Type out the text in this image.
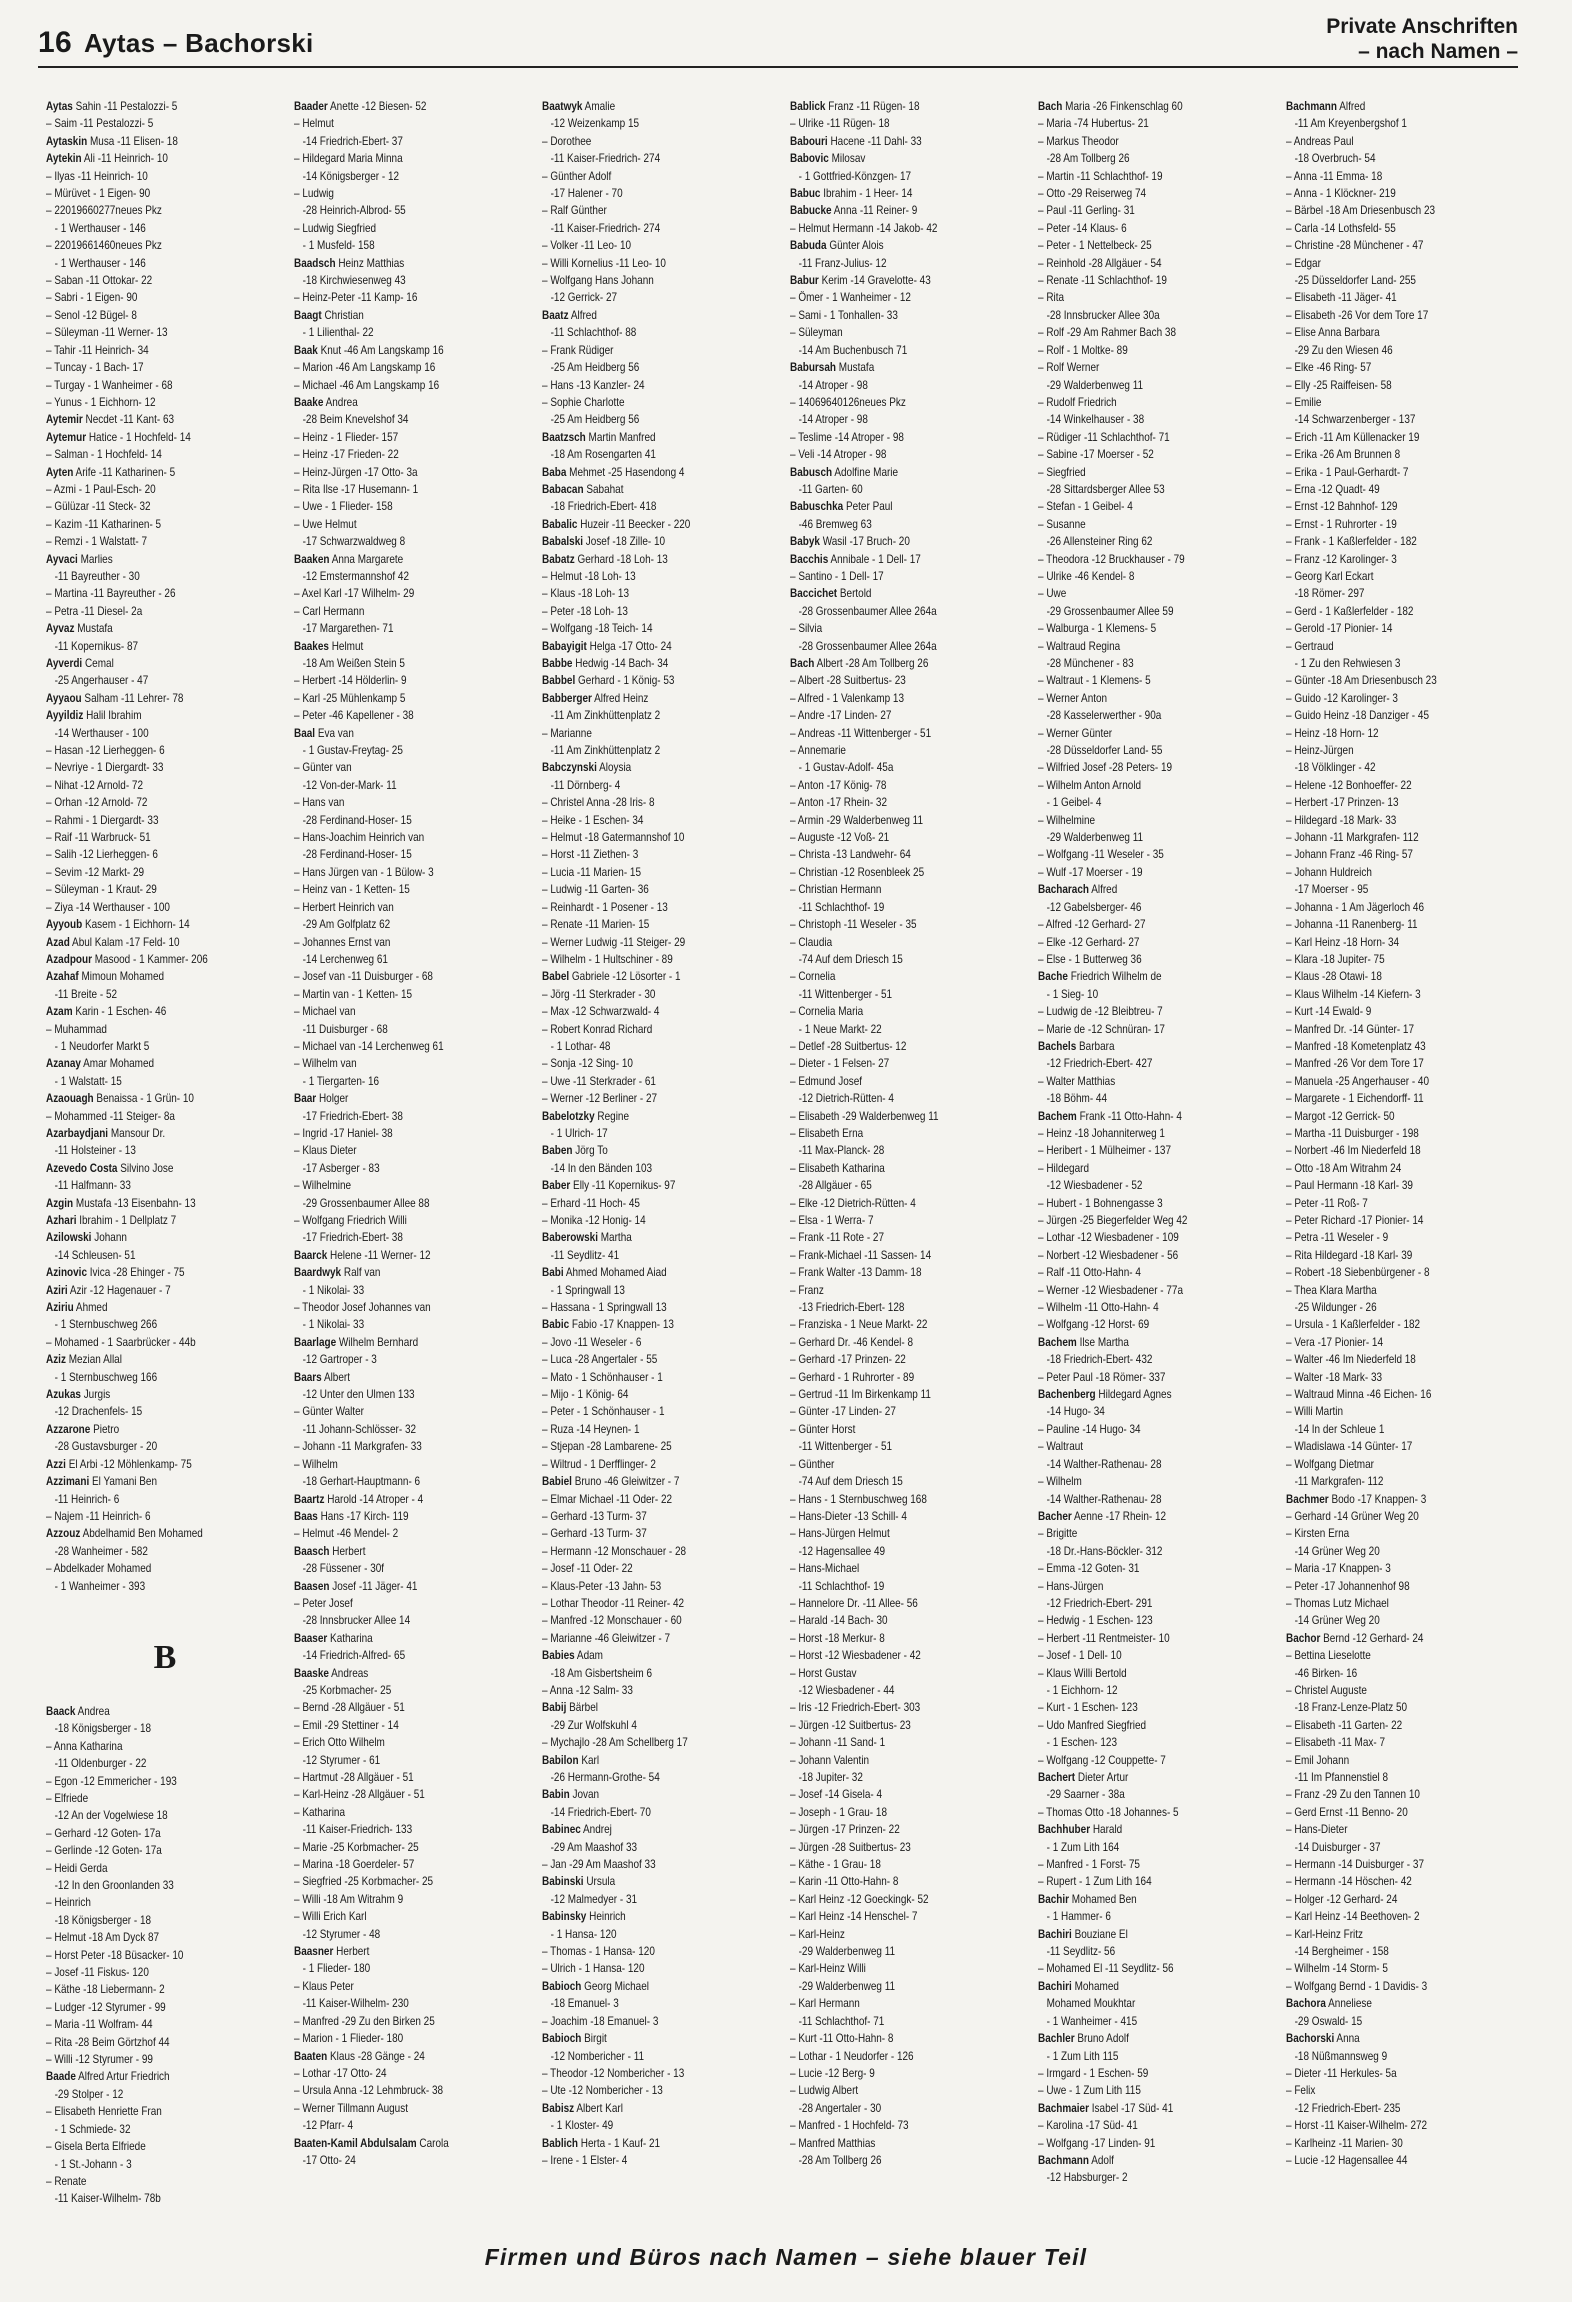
16 Aytas – Bachorski
Private Anschriften
– nach Namen –

Aytas Sahin -11 Pestalozzi- 5

– Saim -11 Pestalozzi- 5

Aytaskin Musa -11 Elisen- 18

Aytekin Ali -11 Heinrich- 10

– Ilyas -11 Heinrich- 10

– Mürüvet - 1 Eigen- 90

– 22019660277neues Pkz

- 1 Werthauser - 146

– 22019661460neues Pkz

- 1 Werthauser - 146

– Saban -11 Ottokar- 22

– Sabri - 1 Eigen- 90

– Senol -12 Bügel- 8

– Süleyman -11 Werner- 13

– Tahir -11 Heinrich- 34

– Tuncay - 1 Bach- 17

– Turgay - 1 Wanheimer - 68

– Yunus - 1 Eichhorn- 12

Aytemir Necdet -11 Kant- 63

Aytemur Hatice - 1 Hochfeld- 14

– Salman - 1 Hochfeld- 14

Ayten Arife -11 Katharinen- 5

– Azmi - 1 Paul-Esch- 20

– Gülüzar -11 Steck- 32

– Kazim -11 Katharinen- 5

– Remzi - 1 Walstatt- 7

Ayvaci Marlies

-11 Bayreuther - 30

– Martina -11 Bayreuther - 26

– Petra -11 Diesel- 2a

Ayvaz Mustafa

-11 Kopernikus- 87

Ayverdi Cemal

-25 Angerhauser - 47

Ayyaou Salham -11 Lehrer- 78

Ayyildiz Halil Ibrahim

-14 Werthauser - 100

– Hasan -12 Lierheggen- 6

– Nevriye - 1 Diergardt- 33

– Nihat -12 Arnold- 72

– Orhan -12 Arnold- 72

– Rahmi - 1 Diergardt- 33

– Raif -11 Warbruck- 51

– Salih -12 Lierheggen- 6

– Sevim -12 Markt- 29

– Süleyman - 1 Kraut- 29

– Ziya -14 Werthauser - 100

Ayyoub Kasem - 1 Eichhorn- 14

Azad Abul Kalam -17 Feld- 10

Azadpour Masood - 1 Kammer- 206

Azahaf Mimoun Mohamed

-11 Breite - 52

Azam Karin - 1 Eschen- 46

– Muhammad

- 1 Neudorfer Markt 5

Azanay Amar Mohamed

- 1 Walstatt- 15

Azaouagh Benaissa - 1 Grün- 10

– Mohammed -11 Steiger- 8a

Azarbaydjani Mansour Dr.

-11 Holsteiner - 13

Azevedo Costa Silvino Jose

-11 Halfmann- 33

Azgin Mustafa -13 Eisenbahn- 13

Azhari Ibrahim - 1 Dellplatz 7

Azilowski Johann

-14 Schleusen- 51

Azinovic Ivica -28 Ehinger - 75

Aziri Azir -12 Hagenauer - 7

Aziriu Ahmed

- 1 Sternbuschweg 266

– Mohamed - 1 Saarbrücker - 44b

Aziz Mezian Allal

- 1 Sternbuschweg 166

Azukas Jurgis

-12 Drachenfels- 15

Azzarone Pietro

-28 Gustavsburger - 20

Azzi El Arbi -12 Möhlenkamp- 75

Azzimani El Yamani Ben

-11 Heinrich- 6

– Najem -11 Heinrich- 6

Azzouz Abdelhamid Ben Mohamed

-28 Wanheimer - 582

– Abdelkader Mohamed

- 1 Wanheimer - 393

B

Baack Andrea

-18 Königsberger - 18

– Anna Katharina

-11 Oldenburger - 22

– Egon -12 Emmericher - 193

– Elfriede

-12 An der Vogelwiese 18

– Gerhard -12 Goten- 17a

– Gerlinde -12 Goten- 17a

– Heidi Gerda

-12 In den Groonlanden 33

– Heinrich

-18 Königsberger - 18

– Helmut -18 Am Dyck 87

– Horst Peter -18 Büsacker- 10

– Josef -11 Fiskus- 120

– Käthe -18 Liebermann- 2

– Ludger -12 Styrumer - 99

– Maria -11 Wolfram- 44

– Rita -28 Beim Görtzhof 44

– Willi -12 Styrumer - 99

Baade Alfred Artur Friedrich

-29 Stolper - 12

– Elisabeth Henriette Fran

- 1 Schmiede- 32

– Gisela Berta Elfriede

- 1 St.-Johann - 3

– Renate

-11 Kaiser-Wilhelm- 78b

Baader Anette -12 Biesen- 52

– Helmut

-14 Friedrich-Ebert- 37

– Hildegard Maria Minna

-14 Königsberger - 12

– Ludwig

-28 Heinrich-Albrod- 55

– Ludwig Siegfried

- 1 Musfeld- 158

Baadsch Heinz Matthias

-18 Kirchwiesenweg 43

– Heinz-Peter -11 Kamp- 16

Baagt Christian

- 1 Lilienthal- 22

Baak Knut -46 Am Langskamp 16

– Marion -46 Am Langskamp 16

– Michael -46 Am Langskamp 16

Baake Andrea

-28 Beim Knevelshof 34

– Heinz - 1 Flieder- 157

– Heinz -17 Frieden- 22

– Heinz-Jürgen -17 Otto- 3a

– Rita Ilse -17 Husemann- 1

– Uwe - 1 Flieder- 158

– Uwe Helmut

-17 Schwarzwaldweg 8

Baaken Anna Margarete

-12 Emstermannshof 42

– Axel Karl -17 Wilhelm- 29

– Carl Hermann

-17 Margarethen- 71

Baakes Helmut

-18 Am Weißen Stein 5

– Herbert -14 Hölderlin- 9

– Karl -25 Mühlenkamp 5

– Peter -46 Kapellener - 38

Baal Eva van

- 1 Gustav-Freytag- 25

– Günter van

-12 Von-der-Mark- 11

– Hans van

-28 Ferdinand-Hoser- 15

– Hans-Joachim Heinrich van

-28 Ferdinand-Hoser- 15

– Hans Jürgen van - 1 Bülow- 3

– Heinz van - 1 Ketten- 15

– Herbert Heinrich van

-29 Am Golfplatz 62

– Johannes Ernst van

-14 Lerchenweg 61

– Josef van -11 Duisburger - 68

– Martin van - 1 Ketten- 15

– Michael van

-11 Duisburger - 68

– Michael van -14 Lerchenweg 61

– Wilhelm van

- 1 Tiergarten- 16

Baar Holger

-17 Friedrich-Ebert- 38

– Ingrid -17 Haniel- 38

– Klaus Dieter

-17 Asberger - 83

– Wilhelmine

-29 Grossenbaumer Allee 88

– Wolfgang Friedrich Willi

-17 Friedrich-Ebert- 38

Baarck Helene -11 Werner- 12

Baardwyk Ralf van

- 1 Nikolai- 33

– Theodor Josef Johannes van

- 1 Nikolai- 33

Baarlage Wilhelm Bernhard

-12 Gartroper - 3

Baars Albert

-12 Unter den Ulmen 133

– Günter Walter

-11 Johann-Schlösser- 32

– Johann -11 Markgrafen- 33

– Wilhelm

-18 Gerhart-Hauptmann- 6

Baartz Harold -14 Atroper - 4

Baas Hans -17 Kirch- 119

– Helmut -46 Mendel- 2

Baasch Herbert

-28 Füssener - 30f

Baasen Josef -11 Jäger- 41

– Peter Josef

-28 Innsbrucker Allee 14

Baaser Katharina

-14 Friedrich-Alfred- 65

Baaske Andreas

-25 Korbmacher- 25

– Bernd -28 Allgäuer - 51

– Emil -29 Stettiner - 14

– Erich Otto Wilhelm

-12 Styrumer - 61

– Hartmut -28 Allgäuer - 51

– Karl-Heinz -28 Allgäuer - 51

– Katharina

-11 Kaiser-Friedrich- 133

– Marie -25 Korbmacher- 25

– Marina -18 Goerdeler- 57

– Siegfried -25 Korbmacher- 25

– Willi -18 Am Witrahm 9

– Willi Erich Karl

-12 Styrumer - 48

Baasner Herbert

- 1 Flieder- 180

– Klaus Peter

-11 Kaiser-Wilhelm- 230

– Manfred -29 Zu den Birken 25

– Marion - 1 Flieder- 180

Baaten Klaus -28 Gänge - 24

– Lothar -17 Otto- 24

– Ursula Anna -12 Lehmbruck- 38

– Werner Tillmann August

-12 Pfarr- 4

Baaten-Kamil Abdulsalam Carola

-17 Otto- 24

Baatwyk Amalie

-12 Weizenkamp 15

– Dorothee

-11 Kaiser-Friedrich- 274

– Günther Adolf

-17 Halener - 70

– Ralf Günther

-11 Kaiser-Friedrich- 274

– Volker -11 Leo- 10

– Willi Kornelius -11 Leo- 10

– Wolfgang Hans Johann

-12 Gerrick- 27

Baatz Alfred

-11 Schlachthof- 88

– Frank Rüdiger

-25 Am Heidberg 56

– Hans -13 Kanzler- 24

– Sophie Charlotte

-25 Am Heidberg 56

Baatzsch Martin Manfred

-18 Am Rosengarten 41

Baba Mehmet -25 Hasendong 4

Babacan Sabahat

-18 Friedrich-Ebert- 418

Babalic Huzeir -11 Beecker - 220

Babalski Josef -18 Zille- 10

Babatz Gerhard -18 Loh- 13

– Helmut -18 Loh- 13

– Klaus -18 Loh- 13

– Peter -18 Loh- 13

– Wolfgang -18 Teich- 14

Babayigit Helga -17 Otto- 24

Babbe Hedwig -14 Bach- 34

Babbel Gerhard - 1 König- 53

Babberger Alfred Heinz

-11 Am Zinkhüttenplatz 2

– Marianne

-11 Am Zinkhüttenplatz 2

Babczynski Aloysia

-11 Dörnberg- 4

– Christel Anna -28 Iris- 8

– Heike - 1 Eschen- 34

– Helmut -18 Gatermannshof 10

– Horst -11 Ziethen- 3

– Lucia -11 Marien- 15

– Ludwig -11 Garten- 36

– Reinhardt - 1 Posener - 13

– Renate -11 Marien- 15

– Werner Ludwig -11 Steiger- 29

– Wilhelm - 1 Hultschiner - 89

Babel Gabriele -12 Lösorter - 1

– Jörg -11 Sterkrader - 30

– Max -12 Schwarzwald- 4

– Robert Konrad Richard

- 1 Lothar- 48

– Sonja -12 Sing- 10

– Uwe -11 Sterkrader - 61

– Werner -12 Berliner - 27

Babelotzky Regine

- 1 Ulrich- 17

Baben Jörg To

-14 In den Bänden 103

Baber Elly -11 Kopernikus- 97

– Erhard -11 Hoch- 45

– Monika -12 Honig- 14

Baberowski Martha

-11 Seydlitz- 41

Babi Ahmed Mohamed Aiad

- 1 Springwall 13

– Hassana - 1 Springwall 13

Babic Fabio -17 Knappen- 13

– Jovo -11 Weseler - 6

– Luca -28 Angertaler - 55

– Mato - 1 Schönhauser - 1

– Mijo - 1 König- 64

– Peter - 1 Schönhauser - 1

– Ruza -14 Heynen- 1

– Stjepan -28 Lambarene- 25

– Wiltrud - 1 Derfflinger- 2

Babiel Bruno -46 Gleiwitzer - 7

– Elmar Michael -11 Oder- 22

– Gerhard -13 Turm- 37

– Gerhard -13 Turm- 37

– Hermann -12 Monschauer - 28

– Josef -11 Oder- 22

– Klaus-Peter -13 Jahn- 53

– Lothar Theodor -11 Reiner- 42

– Manfred -12 Monschauer - 60

– Marianne -46 Gleiwitzer - 7

Babies Adam

-18 Am Gisbertsheim 6

– Anna -12 Salm- 33

Babij Bärbel

-29 Zur Wolfskuhl 4

– Mychajlo -28 Am Schellberg 17

Babilon Karl

-26 Hermann-Grothe- 54

Babin Jovan

-14 Friedrich-Ebert- 70

Babinec Andrej

-29 Am Maashof 33

– Jan -29 Am Maashof 33

Babinski Ursula

-12 Malmedyer - 31

Babinsky Heinrich

- 1 Hansa- 120

– Thomas - 1 Hansa- 120

– Ulrich - 1 Hansa- 120

Babioch Georg Michael

-18 Emanuel- 3

– Joachim -18 Emanuel- 3

Babioch Birgit

-12 Nombericher - 11

– Theodor -12 Nombericher - 13

– Ute -12 Nombericher - 13

Babisz Albert Karl

- 1 Kloster- 49

Bablich Herta - 1 Kauf- 21

– Irene - 1 Elster- 4

Bablick Franz -11 Rügen- 18

– Ulrike -11 Rügen- 18

Babouri Hacene -11 Dahl- 33

Babovic Milosav

- 1 Gottfried-Könzgen- 17

Babuc Ibrahim - 1 Heer- 14

Babucke Anna -11 Reiner- 9

– Helmut Hermann -14 Jakob- 42

Babuda Günter Alois

-11 Franz-Julius- 12

Babur Kerim -14 Gravelotte- 43

– Ömer - 1 Wanheimer - 12

– Sami - 1 Tonhallen- 33

– Süleyman

-14 Am Buchenbusch 71

Babursah Mustafa

-14 Atroper - 98

– 14069640126neues Pkz

-14 Atroper - 98

– Teslime -14 Atroper - 98

– Veli -14 Atroper - 98

Babusch Adolfine Marie

-11 Garten- 60

Babuschka Peter Paul

-46 Bremweg 63

Babyk Wasil -17 Bruch- 20

Bacchis Annibale - 1 Dell- 17

– Santino - 1 Dell- 17

Baccichet Bertold

-28 Grossenbaumer Allee 264a

– Silvia

-28 Grossenbaumer Allee 264a

Bach Albert -28 Am Tollberg 26

– Albert -28 Suitbertus- 23

– Alfred - 1 Valenkamp 13

– Andre -17 Linden- 27

– Andreas -11 Wittenberger - 51

– Annemarie

- 1 Gustav-Adolf- 45a

– Anton -17 König- 78

– Anton -17 Rhein- 32

– Armin -29 Walderbenweg 11

– Auguste -12 Voß- 21

– Christa -13 Landwehr- 64

– Christian -12 Rosenbleek 25

– Christian Hermann

-11 Schlachthof- 19

– Christoph -11 Weseler - 35

– Claudia

-74 Auf dem Driesch 15

– Cornelia

-11 Wittenberger - 51

– Cornelia Maria

- 1 Neue Markt- 22

– Detlef -28 Suitbertus- 12

– Dieter - 1 Felsen- 27

– Edmund Josef

-12 Dietrich-Rütten- 4

– Elisabeth -29 Walderbenweg 11

– Elisabeth Erna

-11 Max-Planck- 28

– Elisabeth Katharina

-28 Allgäuer - 65

– Elke -12 Dietrich-Rütten- 4

– Elsa - 1 Werra- 7

– Frank -11 Rote - 27

– Frank-Michael -11 Sassen- 14

– Frank Walter -13 Damm- 18

– Franz

-13 Friedrich-Ebert- 128

– Franziska - 1 Neue Markt- 22

– Gerhard Dr. -46 Kendel- 8

– Gerhard -17 Prinzen- 22

– Gerhard - 1 Ruhrorter - 89

– Gertrud -11 Im Birkenkamp 11

– Günter -17 Linden- 27

– Günter Horst

-11 Wittenberger - 51

– Günther

-74 Auf dem Driesch 15

– Hans - 1 Sternbuschweg 168

– Hans-Dieter -13 Schill- 4

– Hans-Jürgen Helmut

-12 Hagensallee 49

– Hans-Michael

-11 Schlachthof- 19

– Hannelore Dr. -11 Allee- 56

– Harald -14 Bach- 30

– Horst -18 Merkur- 8

– Horst -12 Wiesbadener - 42

– Horst Gustav

-12 Wiesbadener - 44

– Iris -12 Friedrich-Ebert- 303

– Jürgen -12 Suitbertus- 23

– Johann -11 Sand- 1

– Johann Valentin

-18 Jupiter- 32

– Josef -14 Gisela- 4

– Joseph - 1 Grau- 18

– Jürgen -17 Prinzen- 22

– Jürgen -28 Suitbertus- 23

– Käthe - 1 Grau- 18

– Karin -11 Otto-Hahn- 8

– Karl Heinz -12 Goeckingk- 52

– Karl Heinz -14 Henschel- 7

– Karl-Heinz

-29 Walderbenweg 11

– Karl-Heinz Willi

-29 Walderbenweg 11

– Karl Hermann

-11 Schlachthof- 71

– Kurt -11 Otto-Hahn- 8

– Lothar - 1 Neudorfer - 126

– Lucie -12 Berg- 9

– Ludwig Albert

-28 Angertaler - 30

– Manfred - 1 Hochfeld- 73

– Manfred Matthias

-28 Am Tollberg 26

Bach Maria -26 Finkenschlag 60

– Maria -74 Hubertus- 21

– Markus Theodor

-28 Am Tollberg 26

– Martin -11 Schlachthof- 19

– Otto -29 Reiserweg 74

– Paul -11 Gerling- 31

– Peter -14 Klaus- 6

– Peter - 1 Nettelbeck- 25

– Reinhold -28 Allgäuer - 54

– Renate -11 Schlachthof- 19

– Rita

-28 Innsbrucker Allee 30a

– Rolf -29 Am Rahmer Bach 38

– Rolf - 1 Moltke- 89

– Rolf Werner

-29 Walderbenweg 11

– Rudolf Friedrich

-14 Winkelhauser - 38

– Rüdiger -11 Schlachthof- 71

– Sabine -17 Moerser - 52

– Siegfried

-28 Sittardsberger Allee 53

– Stefan - 1 Geibel- 4

– Susanne

-26 Allensteiner Ring 62

– Theodora -12 Bruckhauser - 79

– Ulrike -46 Kendel- 8

– Uwe

-29 Grossenbaumer Allee 59

– Walburga - 1 Klemens- 5

– Waltraud Regina

-28 Münchener - 83

– Waltraut - 1 Klemens- 5

– Werner Anton

-28 Kasselerwerther - 90a

– Werner Günter

-28 Düsseldorfer Land- 55

– Wilfried Josef -28 Peters- 19

– Wilhelm Anton Arnold

- 1 Geibel- 4

– Wilhelmine

-29 Walderbenweg 11

– Wolfgang -11 Weseler - 35

– Wulf -17 Moerser - 19

Bacharach Alfred

-12 Gabelsberger- 46

– Alfred -12 Gerhard- 27

– Elke -12 Gerhard- 27

– Else - 1 Butterweg 36

Bache Friedrich Wilhelm de

- 1 Sieg- 10

– Ludwig de -12 Bleibtreu- 7

– Marie de -12 Schnüran- 17

Bachels Barbara

-12 Friedrich-Ebert- 427

– Walter Matthias

-18 Böhm- 44

Bachem Frank -11 Otto-Hahn- 4

– Heinz -18 Johanniterweg 1

– Heribert - 1 Mülheimer - 137

– Hildegard

-12 Wiesbadener - 52

– Hubert - 1 Bohnengasse 3

– Jürgen -25 Biegerfelder Weg 42

– Lothar -12 Wiesbadener - 109

– Norbert -12 Wiesbadener - 56

– Ralf -11 Otto-Hahn- 4

– Werner -12 Wiesbadener - 77a

– Wilhelm -11 Otto-Hahn- 4

– Wolfgang -12 Horst- 69

Bachem Ilse Martha

-18 Friedrich-Ebert- 432

– Peter Paul -18 Römer- 337

Bachenberg Hildegard Agnes

-14 Hugo- 34

– Pauline -14 Hugo- 34

– Waltraut

-14 Walther-Rathenau- 28

– Wilhelm

-14 Walther-Rathenau- 28

Bacher Aenne -17 Rhein- 12

– Brigitte

-18 Dr.-Hans-Böckler- 312

– Emma -12 Goten- 31

– Hans-Jürgen

-12 Friedrich-Ebert- 291

– Hedwig - 1 Eschen- 123

– Herbert -11 Rentmeister- 10

– Josef - 1 Dell- 10

– Klaus Willi Bertold

- 1 Eichhorn- 12

– Kurt - 1 Eschen- 123

– Udo Manfred Siegfried

- 1 Eschen- 123

– Wolfgang -12 Couppette- 7

Bachert Dieter Artur

-29 Saarner - 38a

– Thomas Otto -18 Johannes- 5

Bachhuber Harald

- 1 Zum Lith 164

– Manfred - 1 Forst- 75

– Rupert - 1 Zum Lith 164

Bachir Mohamed Ben

- 1 Hammer- 6

Bachiri Bouziane El

-11 Seydlitz- 56

– Mohamed El -11 Seydlitz- 56

Bachiri Mohamed

Mohamed Moukhtar

- 1 Wanheimer - 415

Bachler Bruno Adolf

- 1 Zum Lith 115

– Irmgard - 1 Eschen- 59

– Uwe - 1 Zum Lith 115

Bachmaier Isabel -17 Süd- 41

– Karolina -17 Süd- 41

– Wolfgang -17 Linden- 91

Bachmann Adolf

-12 Habsburger- 2

Bachmann Alfred

-11 Am Kreyenbergshof 1

– Andreas Paul

-18 Overbruch- 54

– Anna -11 Emma- 18

– Anna - 1 Klöckner- 219

– Bärbel -18 Am Driesenbusch 23

– Carla -14 Lothsfeld- 55

– Christine -28 Münchener - 47

– Edgar

-25 Düsseldorfer Land- 255

– Elisabeth -11 Jäger- 41

– Elisabeth -26 Vor dem Tore 17

– Elise Anna Barbara

-29 Zu den Wiesen 46

– Elke -46 Ring- 57

– Elly -25 Raiffeisen- 58

– Emilie

-14 Schwarzenberger - 137

– Erich -11 Am Küllenacker 19

– Erika -26 Am Brunnen 8

– Erika - 1 Paul-Gerhardt- 7

– Erna -12 Quadt- 49

– Ernst -12 Bahnhof- 129

– Ernst - 1 Ruhrorter - 19

– Frank - 1 Kaßlerfelder - 182

– Franz -12 Karolinger- 3

– Georg Karl Eckart

-18 Römer- 297

– Gerd - 1 Kaßlerfelder - 182

– Gerold -17 Pionier- 14

– Gertraud

- 1 Zu den Rehwiesen 3

– Günter -18 Am Driesenbusch 23

– Guido -12 Karolinger- 3

– Guido Heinz -18 Danziger - 45

– Heinz -18 Horn- 12

– Heinz-Jürgen

-18 Völklinger - 42

– Helene -12 Bonhoeffer- 22

– Herbert -17 Prinzen- 13

– Hildegard -18 Mark- 33

– Johann -11 Markgrafen- 112

– Johann Franz -46 Ring- 57

– Johann Huldreich

-17 Moerser - 95

– Johanna - 1 Am Jägerloch 46

– Johanna -11 Ranenberg- 11

– Karl Heinz -18 Horn- 34

– Klara -18 Jupiter- 75

– Klaus -28 Otawi- 18

– Klaus Wilhelm -14 Kiefern- 3

– Kurt -14 Ewald- 9

– Manfred Dr. -14 Günter- 17

– Manfred -18 Kometenplatz 43

– Manfred -26 Vor dem Tore 17

– Manuela -25 Angerhauser - 40

– Margarete - 1 Eichendorff- 11

– Margot -12 Gerrick- 50

– Martha -11 Duisburger - 198

– Norbert -46 Im Niederfeld 18

– Otto -18 Am Witrahm 24

– Paul Hermann -18 Karl- 39

– Peter -11 Roß- 7

– Peter Richard -17 Pionier- 14

– Petra -11 Weseler - 9

– Rita Hildegard -18 Karl- 39

– Robert -18 Siebenbürgener - 8

– Thea Klara Martha

-25 Wildunger - 26

– Ursula - 1 Kaßlerfelder - 182

– Vera -17 Pionier- 14

– Walter -46 Im Niederfeld 18

– Walter -18 Mark- 33

– Waltraud Minna -46 Eichen- 16

– Willi Martin

-14 In der Schleue 1

– Wladislawa -14 Günter- 17

– Wolfgang Dietmar

-11 Markgrafen- 112

Bachmer Bodo -17 Knappen- 3

– Gerhard -14 Grüner Weg 20

– Kirsten Erna

-14 Grüner Weg 20

– Maria -17 Knappen- 3

– Peter -17 Johannenhof 98

– Thomas Lutz Michael

-14 Grüner Weg 20

Bachor Bernd -12 Gerhard- 24

– Bettina Lieselotte

-46 Birken- 16

– Christel Auguste

-18 Franz-Lenze-Platz 50

– Elisabeth -11 Garten- 22

– Elisabeth -11 Max- 7

– Emil Johann

-11 Im Pfannenstiel 8

– Franz -29 Zu den Tannen 10

– Gerd Ernst -11 Benno- 20

– Hans-Dieter

-14 Duisburger - 37

– Hermann -14 Duisburger - 37

– Hermann -14 Höschen- 42

– Holger -12 Gerhard- 24

– Karl Heinz -14 Beethoven- 2

– Karl-Heinz Fritz

-14 Bergheimer - 158

– Wilhelm -14 Storm- 5

– Wolfgang Bernd - 1 Davidis- 3

Bachora Anneliese

-29 Oswald- 15

Bachorski Anna

-18 Nüßmannsweg 9

– Dieter -11 Herkules- 5a

– Felix

-12 Friedrich-Ebert- 235

– Horst -11 Kaiser-Wilhelm- 272

– Karlheinz -11 Marien- 30

– Lucie -12 Hagensallee 44

Firmen und Büros nach Namen – siehe blauer Teil
